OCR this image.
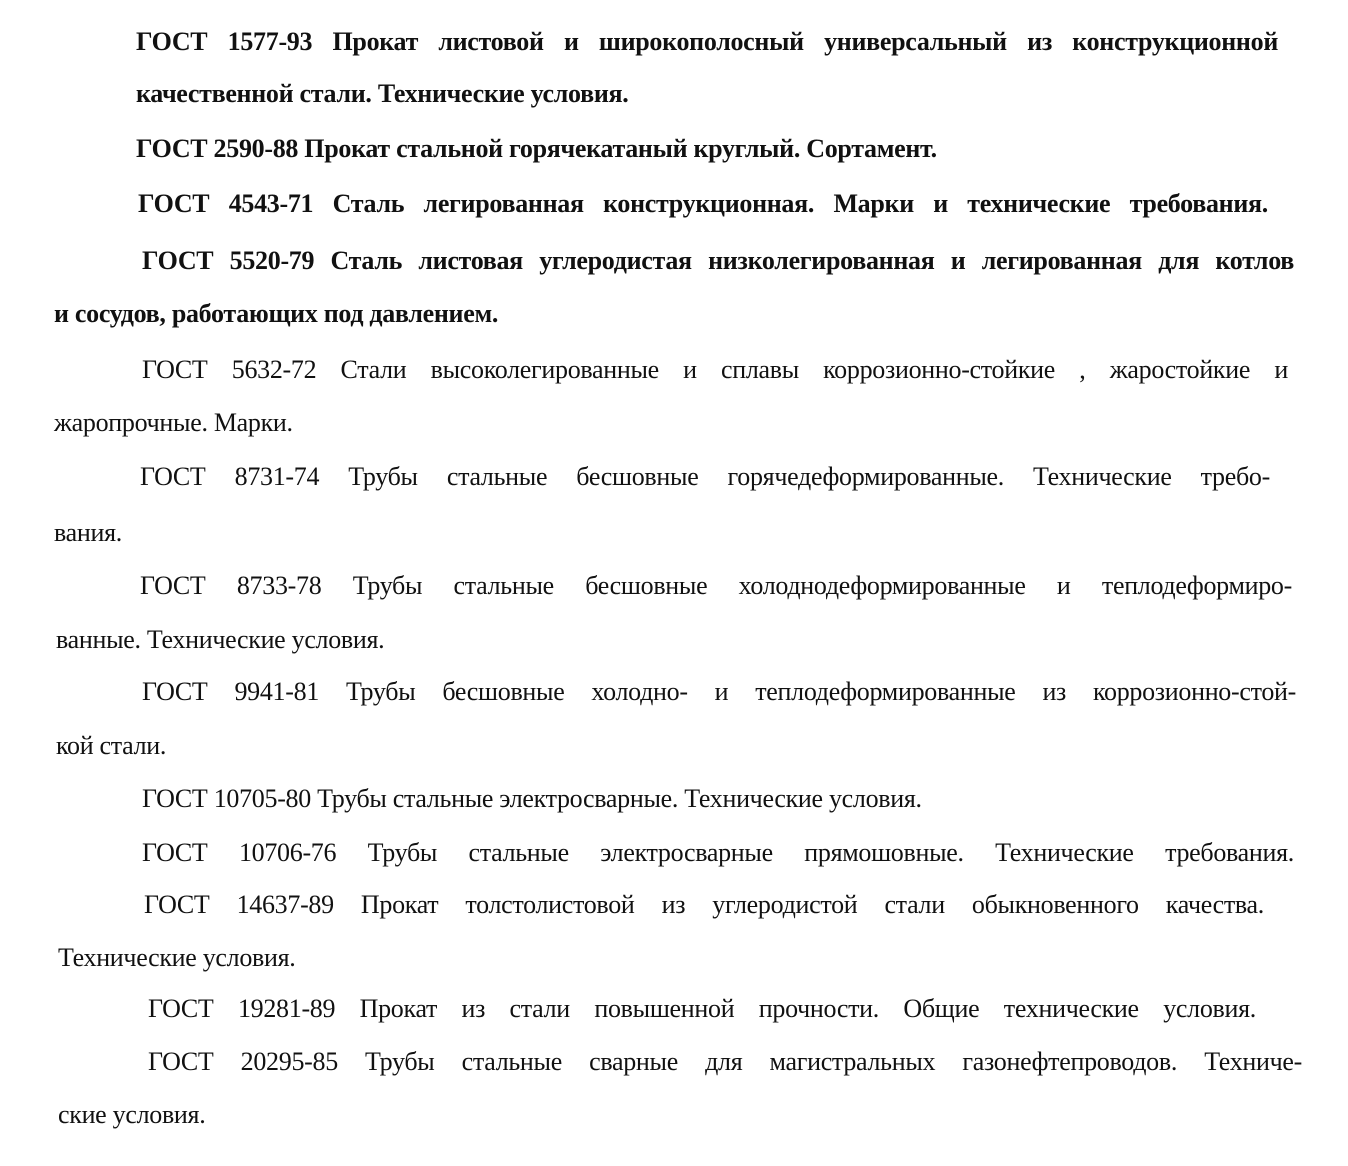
ГОСТ 1577-93 Прокат листовой и широкополосный универсальный из конструкционной
качественной стали. Технические условия.
ГОСТ 2590-88 Прокат стальной горячекатаный круглый. Сортамент.
ГОСТ 4543-71 Сталь легированная конструкционная. Марки и технические требования.
ГОСТ 5520-79 Сталь листовая углеродистая низколегированная и легированная для котлов
и сосудов, работающих под давлением.
ГОСТ 5632-72 Стали высоколегированные и сплавы коррозионно-стойкие , жаростойкие и
жаропрочные. Марки.
ГОСТ 8731-74 Трубы стальные бесшовные горячедеформированные. Технические требо-
вания.
ГОСТ 8733-78 Трубы стальные бесшовные холоднодеформированные и теплодеформиро-
ванные. Технические условия.
ГОСТ 9941-81 Трубы бесшовные холодно- и теплодеформированные из коррозионно-стой-
кой стали.
ГОСТ 10705-80 Трубы стальные электросварные. Технические условия.
ГОСТ 10706-76 Трубы стальные электросварные прямошовные. Технические требования.
ГОСТ 14637-89 Прокат толстолистовой из углеродистой стали обыкновенного качества.
Технические условия.
ГОСТ 19281-89 Прокат из стали повышенной прочности. Общие технические условия.
ГОСТ 20295-85 Трубы стальные сварные для магистральных газонефтепроводов. Техниче-
ские условия.
